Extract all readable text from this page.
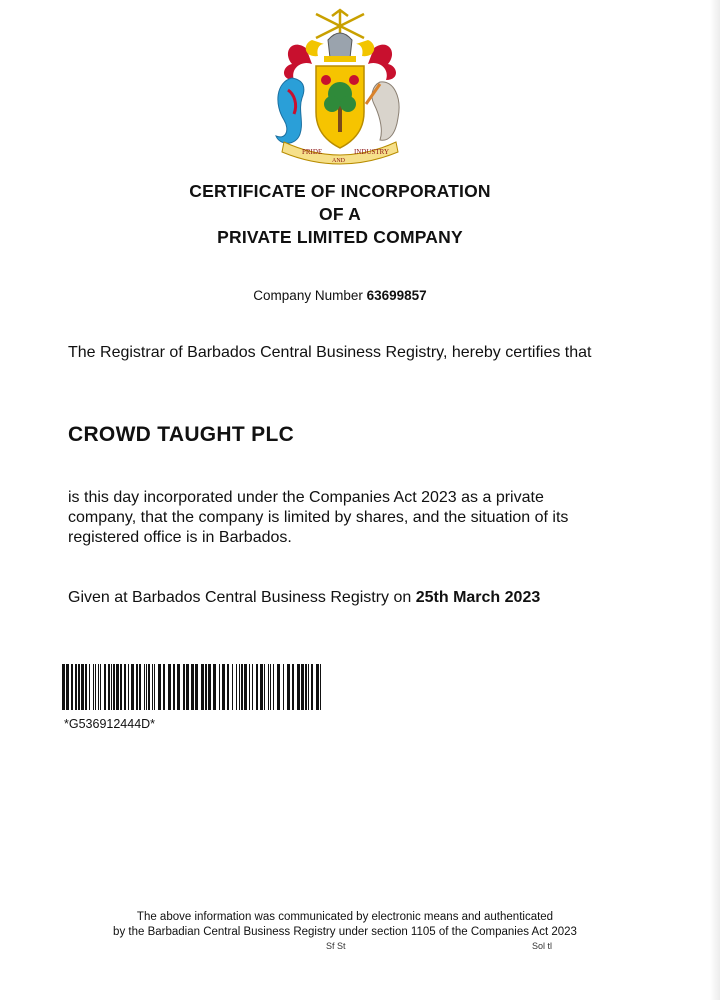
PRIDE
AND
INDUSTRY
CERTIFICATE OF INCORPORATION
OF A
PRIVATE LIMITED COMPANY
Company Number 63699857
The Registrar of Barbados Central Business Registry, hereby certifies that
CROWD TAUGHT PLC
is this day incorporated under the Companies Act 2023 as a private company, that the company is limited by shares, and the situation of its registered office is in Barbados.
Given at Barbados Central Business Registry on 25th March 2023
*G536912444D*
The above information was communicated by electronic means and authenticated
by the Barbadian Central Business Registry under section 1105 of the Companies Act 2023
Sf St	Sol tl
